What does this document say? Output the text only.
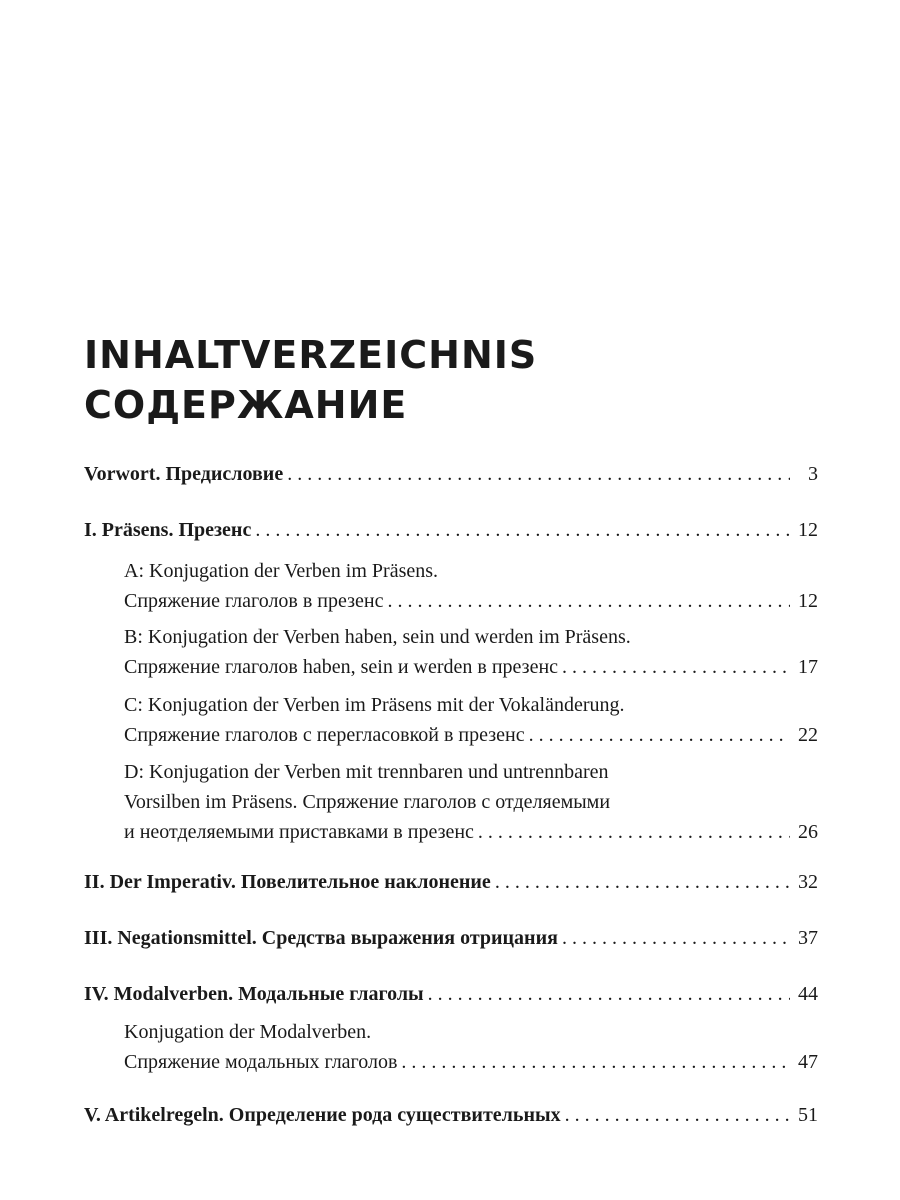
INHALTVERZEICHNIS
СОДЕРЖАНИЕ
Vorwort. Предисловие . . .	3
I. Präsens. Презенс . . .	12
A: Konjugation der Verben im Präsens.
Спряжение глаголов в презенс . . .	12
B: Konjugation der Verben haben, sein und werden im Präsens.
Спряжение глаголов haben, sein и werden в презенс . . .	17
C: Konjugation der Verben im Präsens mit der Vokaländerung.
Спряжение глаголов с перегласовкой в презенс . . .	22
D: Konjugation der Verben mit trennbaren und untrennbaren
Vorsilben im Präsens. Спряжение глаголов с отделяемыми
и неотделяемыми приставками в презенс . . .	26
II. Der Imperativ. Повелительное наклонение . . .	32
III. Negationsmittel. Средства выражения отрицания . . .	37
IV. Modalverben. Модальные глаголы . . .	44
Konjugation der Modalverben.
Спряжение модальных глаголов . . .	47
V. Artikelregeln. Определение рода существительных . . .	51
